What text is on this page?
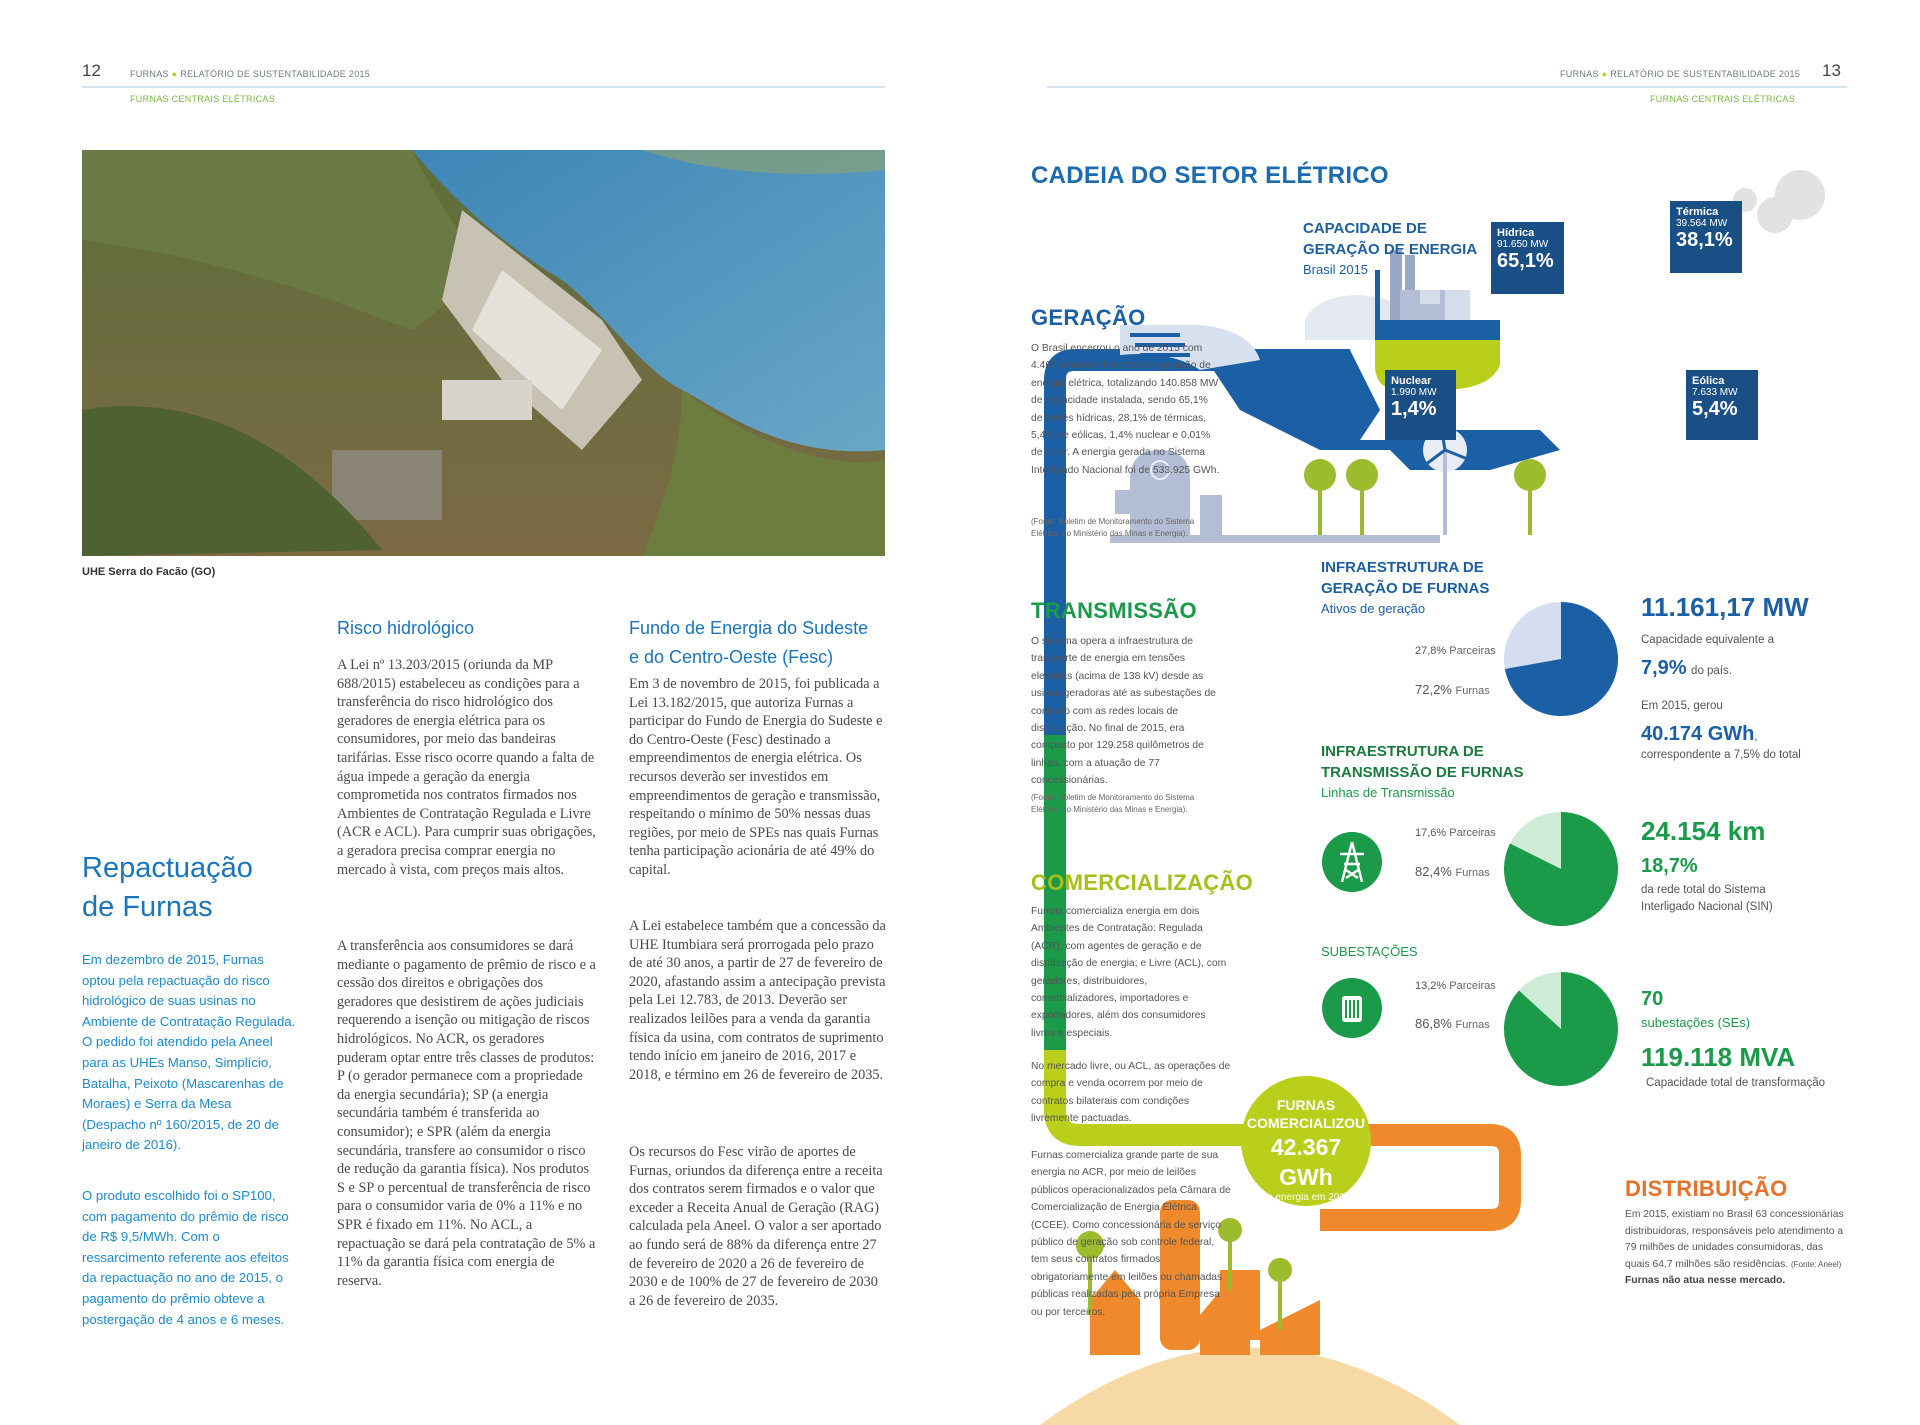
12	FURNAS ● RELATÓRIO DE SUSTENTABILIDADE 2015
FURNAS CENTRAIS ELÉTRICAS
UHE Serra do Facão (GO)
Repactuação
de Furnas
Em dezembro de 2015, Furnas optou pela repactuação do risco hidrológico de suas usinas no Ambiente de Contratação Regulada. O pedido foi atendido pela Aneel para as UHEs Manso, Simplício, Batalha, Peixoto (Mascarenhas de Moraes) e Serra da Mesa (Despacho nº 160/2015, de 20 de janeiro de 2016).
O produto escolhido foi o SP100, com pagamento do prêmio de risco de R$ 9,5/MWh. Com o ressarcimento referente aos efeitos da repactuação no ano de 2015, o pagamento do prêmio obteve a postergação de 4 anos e 6 meses.
Risco hidrológico
A Lei nº 13.203/2015 (oriunda da MP 688/2015) estabeleceu as condições para a transferência do risco hidrológico dos geradores de energia elétrica para os consumidores, por meio das bandeiras tarifárias. Esse risco ocorre quando a falta de água impede a geração da energia comprometida nos contratos firmados nos Ambientes de Contratação Regulada e Livre (ACR e ACL). Para cumprir suas obrigações, a geradora precisa comprar energia no mercado à vista, com preços mais altos.
A transferência aos consumidores se dará mediante o pagamento de prêmio de risco e a cessão dos direitos e obrigações dos geradores que desistirem de ações judiciais requerendo a isenção ou mitigação de riscos hidrológicos. No ACR, os geradores puderam optar entre três classes de produtos: P (o gerador permanece com a propriedade da energia secundária); SP (a energia secundária também é transferida ao consumidor); e SPR (além da energia secundária, transfere ao consumidor o risco de redução da garantia física). Nos produtos S e SP o percentual de transferência de risco para o consumidor varia de 0% a 11% e no SPR é fixado em 11%. No ACL, a repactuação se dará pela contratação de 5% a 11% da garantia física com energia de reserva.
Fundo de Energia do Sudeste
e do Centro-Oeste (Fesc)
Em 3 de novembro de 2015, foi publicada a Lei 13.182/2015, que autoriza Furnas a participar do Fundo de Energia do Sudeste e do Centro-Oeste (Fesc) destinado a empreendimentos de energia elétrica. Os recursos deverão ser investidos em empreendimentos de geração e transmissão, respeitando o mínimo de 50% nessas duas regiões, por meio de SPEs nas quais Furnas tenha participação acionária de até 49% do capital.
A Lei estabelece também que a concessão da UHE Itumbiara será prorrogada pelo prazo de até 30 anos, a partir de 27 de fevereiro de 2020, afastando assim a antecipação prevista pela Lei 12.783, de 2013. Deverão ser realizados leilões para a venda da garantia física da usina, com contratos de suprimento tendo início em janeiro de 2016, 2017 e 2018, e término em 26 de fevereiro de 2035.
Os recursos do Fesc virão de aportes de Furnas, oriundos da diferença entre a receita dos contratos serem firmados e o valor que exceder a Receita Anual de Geração (RAG) calculada pela Aneel. O valor a ser aportado ao fundo será de 88% da diferença entre 27 de fevereiro de 2020 a 26 de fevereiro de 2030 e de 100% de 27 de fevereiro de 2030 a 26 de fevereiro de 2035.
FURNAS ● RELATÓRIO DE SUSTENTABILIDADE 2015 13
FURNAS CENTRAIS ELÉTRICAS
CADEIA DO SETOR ELÉTRICO
CAPACIDADE DE
GERAÇÃO DE ENERGIA
Brasil 2015
Hídrica
91.650 MW
65,1%
Térmica
39.564 MW
38,1%
Nuclear
1.990 MW
1,4%
Eólica
7.633 MW
5,4%
GERAÇÃO
O Brasil encerrou o ano de 2015 com 4.467 empreendimentos de geração de energia elétrica, totalizando 140.858 MW de capacidade instalada, sendo 65,1% de fontes hídricas, 28,1% de térmicas, 5,4% de eólicas, 1,4% nuclear e 0,01% de solar. A energia gerada no Sistema Interligado Nacional foi de 533.925 GWh.
(Fonte: Boletim de Monitoramento do Sistema Elétrico, do Ministério das Minas e Energia).
TRANSMISSÃO
O sistema opera a infraestrutura de transporte de energia em tensões elevadas (acima de 138 kV) desde as usinas geradoras até as subestações de conexão com as redes locais de distribuição. No final de 2015, era composto por 129.258 quilômetros de linhas, com a atuação de 77 concessionárias.
(Fonte: Boletim de Monitoramento do Sistema Elétrico, do Ministério das Minas e Energia).
COMERCIALIZAÇÃO
Furnas comercializa energia em dois Ambientes de Contratação: Regulada (ACR), com agentes de geração e de distribuição de energia; e Livre (ACL), com geradores, distribuidores, comercializadores, importadores e exportadores, além dos consumidores livres e especiais.
No mercado livre, ou ACL, as operações de compra e venda ocorrem por meio de contratos bilaterais com condições livremente pactuadas.
Furnas comercializa grande parte de sua energia no ACR, por meio de leilões públicos operacionalizados pela Câmara de Comercialização de Energia Elétrica (CCEE). Como concessionária de serviço público de geração sob controle federal, tem seus contratos firmados obrigatoriamente em leilões ou chamadas públicas realizadas pela própria Empresa ou por terceiros.
INFRAESTRUTURA DE
GERAÇÃO DE FURNAS
Ativos de geração
27,8% Parceiras
72,2% Furnas
11.161,17 MW
Capacidade equivalente a
7,9% do país.
Em 2015, gerou
40.174 GWh,
correspondente a 7,5% do total
INFRAESTRUTURA DE
TRANSMISSÃO DE FURNAS
Linhas de Transmissão
17,6% Parceiras
82,4% Furnas
24.154 km
18,7%
da rede total do Sistema
Interligado Nacional (SIN)
SUBESTAÇÕES
13,2% Parceiras
86,8% Furnas
70
subestações (SEs)
119.118 MVA
Capacidade total de transformação
FURNAS
COMERCIALIZOU
42.367 GWh
de energia em 2015	DISTRIBUIÇÃO
Em 2015, existiam no Brasil 63 concessionárias distribuidoras, responsáveis pelo atendimento a 79 milhões de unidades consumidoras, das quais 64,7 milhões são residências. (Fonte: Aneel)
Furnas não atua nesse mercado.
